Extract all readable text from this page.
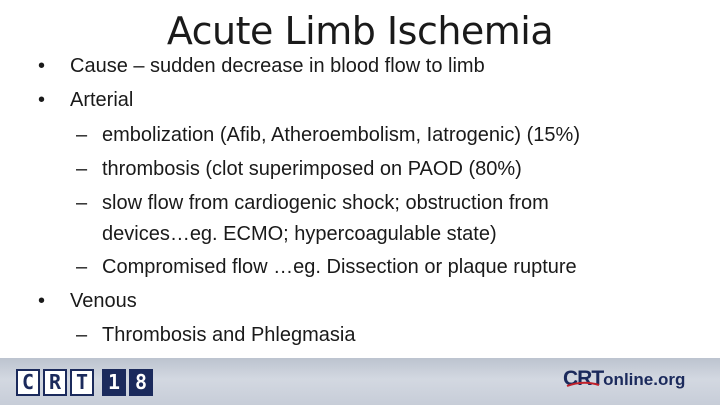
Acute Limb Ischemia
• Cause – sudden decrease in blood flow to limb
• Arterial
– embolization (Afib, Atheroembolism, Iatrogenic) (15%)
– thrombosis (clot superimposed on PAOD (80%)
– slow flow from cardiogenic shock; obstruction from
devices…eg. ECMO; hypercoagulable state)
– Compromised flow …eg. Dissection or plaque rupture
• Venous
– Thrombosis and Phlegmasia
C R T 1 8	CRT online.org
